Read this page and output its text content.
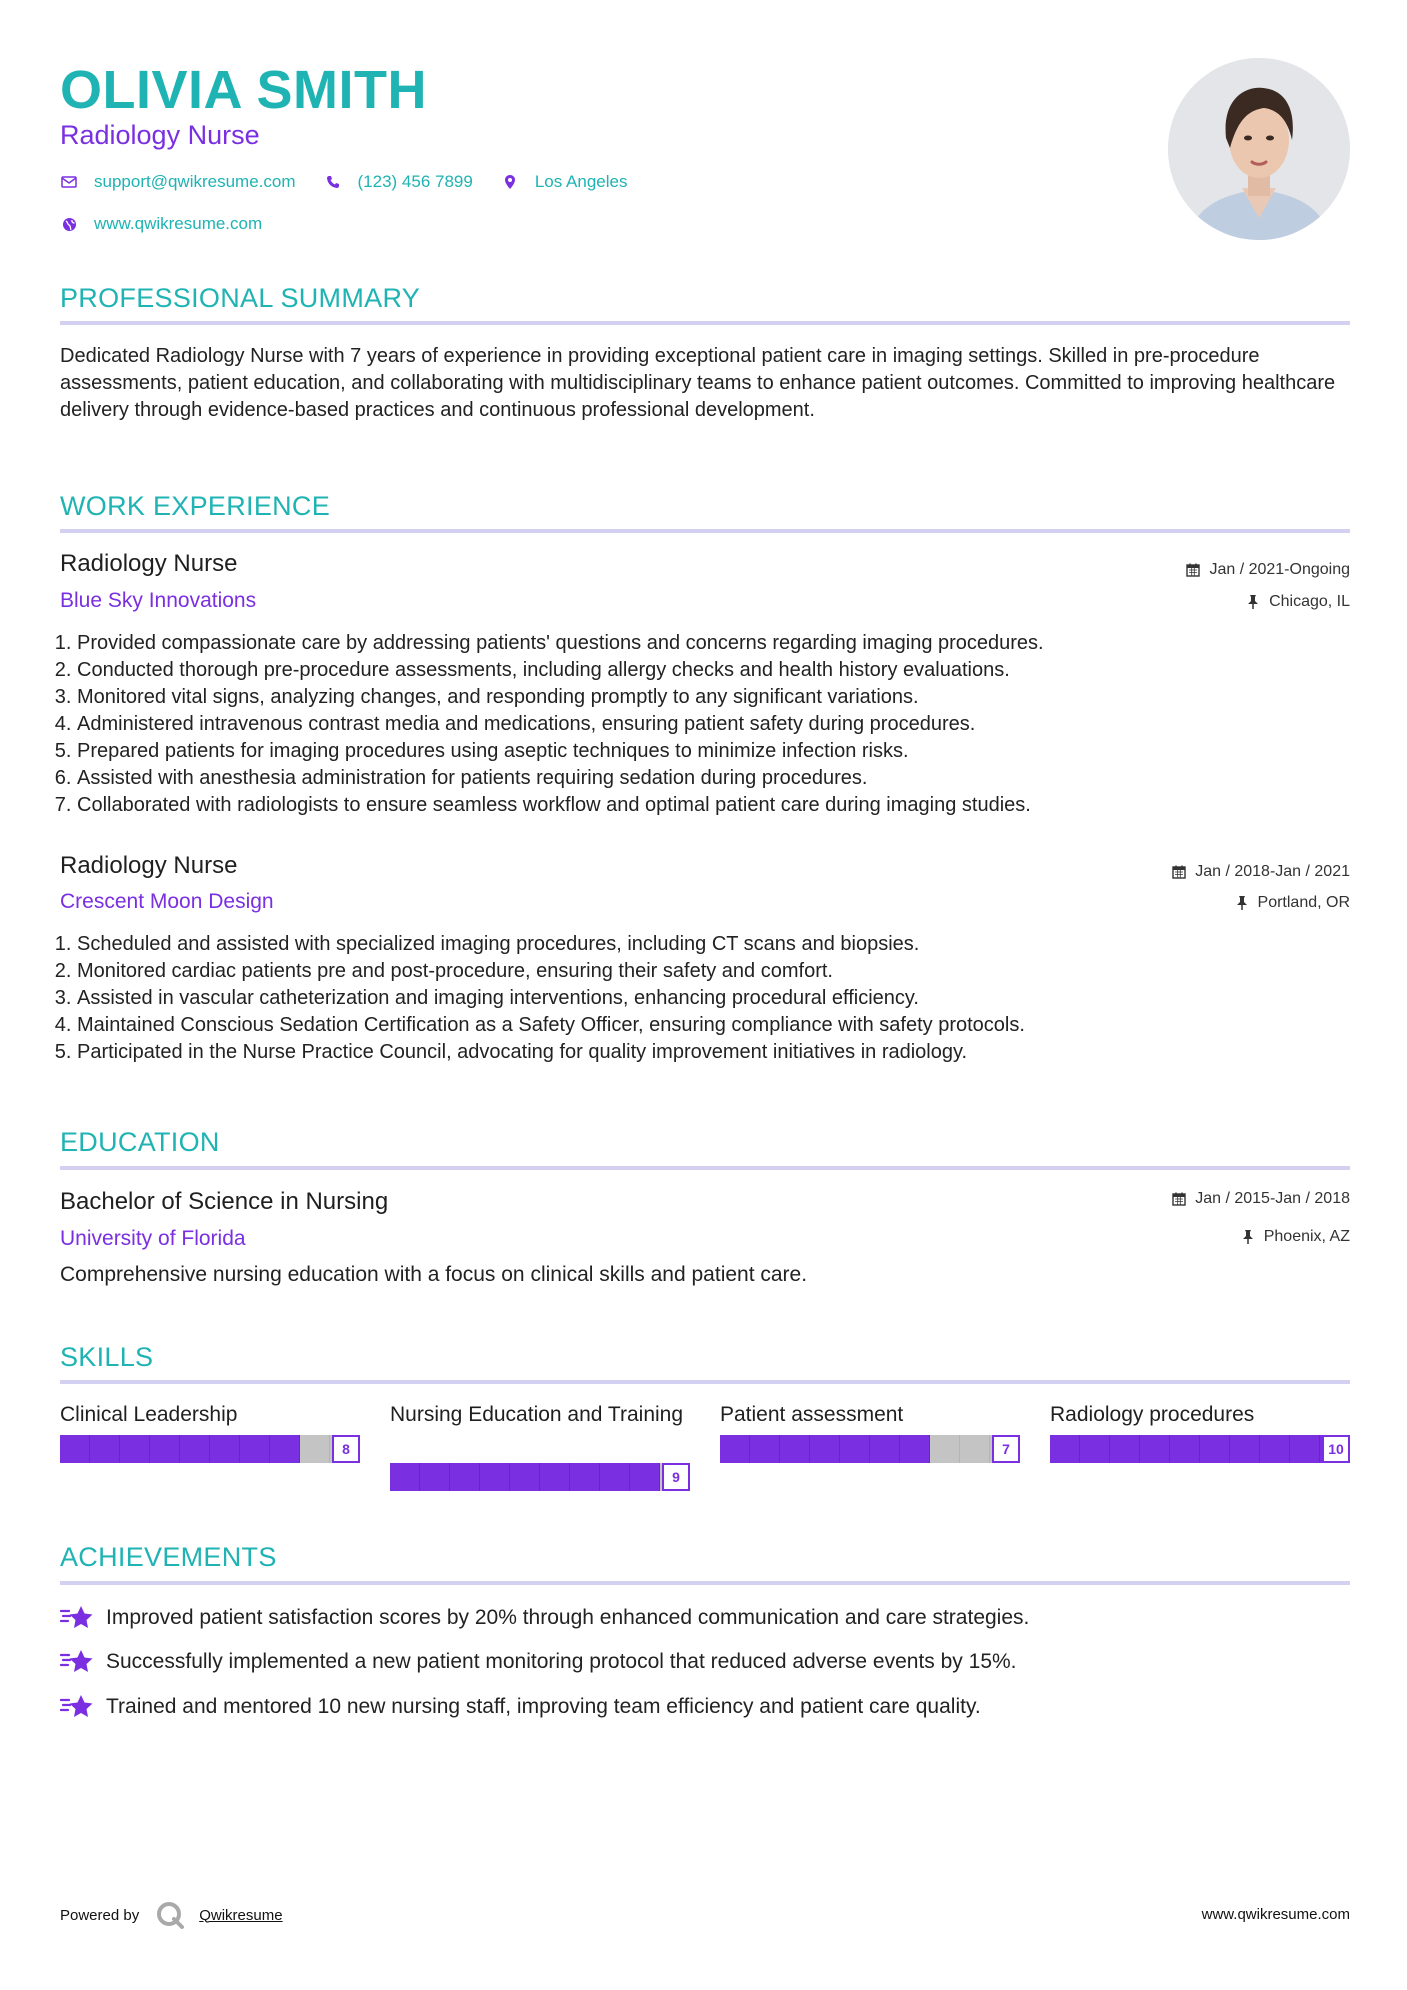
OLIVIA SMITH
Radiology Nurse
support@qwikresume.com	(123) 456 7899	Los Angeles
www.qwikresume.com
PROFESSIONAL SUMMARY

Dedicated Radiology Nurse with 7 years of experience in providing exceptional patient care in imaging settings. Skilled in pre-procedure assessments, patient education, and collaborating with multidisciplinary teams to enhance patient outcomes. Committed to improving healthcare delivery through evidence-based practices and continuous professional development.

WORK EXPERIENCE
Radiology Nurse	Jan / 2021-Ongoing
Blue Sky Innovations	Chicago, IL
1. Provided compassionate care by addressing patients' questions and concerns regarding imaging procedures.
2. Conducted thorough pre-procedure assessments, including allergy checks and health history evaluations.
3. Monitored vital signs, analyzing changes, and responding promptly to any significant variations.
4. Administered intravenous contrast media and medications, ensuring patient safety during procedures.
5. Prepared patients for imaging procedures using aseptic techniques to minimize infection risks.
6. Assisted with anesthesia administration for patients requiring sedation during procedures.
7. Collaborated with radiologists to ensure seamless workflow and optimal patient care during imaging studies.
Radiology Nurse	Jan / 2018-Jan / 2021
Crescent Moon Design	Portland, OR
1. Scheduled and assisted with specialized imaging procedures, including CT scans and biopsies.
2. Monitored cardiac patients pre and post-procedure, ensuring their safety and comfort.
3. Assisted in vascular catheterization and imaging interventions, enhancing procedural efficiency.
4. Maintained Conscious Sedation Certification as a Safety Officer, ensuring compliance with safety protocols.
5. Participated in the Nurse Practice Council, advocating for quality improvement initiatives in radiology.
EDUCATION
Bachelor of Science in Nursing	Jan / 2015-Jan / 2018
University of Florida	Phoenix, AZ

Comprehensive nursing education with a focus on clinical skills and patient care.

SKILLS
Clinical Leadership
8
Nursing Education and Training
9
Patient assessment
7
Radiology procedures
10
ACHIEVEMENTS
Improved patient satisfaction scores by 20% through enhanced communication and care strategies.
Successfully implemented a new patient monitoring protocol that reduced adverse events by 15%.
Trained and mentored 10 new nursing staff, improving team efficiency and patient care quality.
Powered by	Qwikresume	www.qwikresume.com
